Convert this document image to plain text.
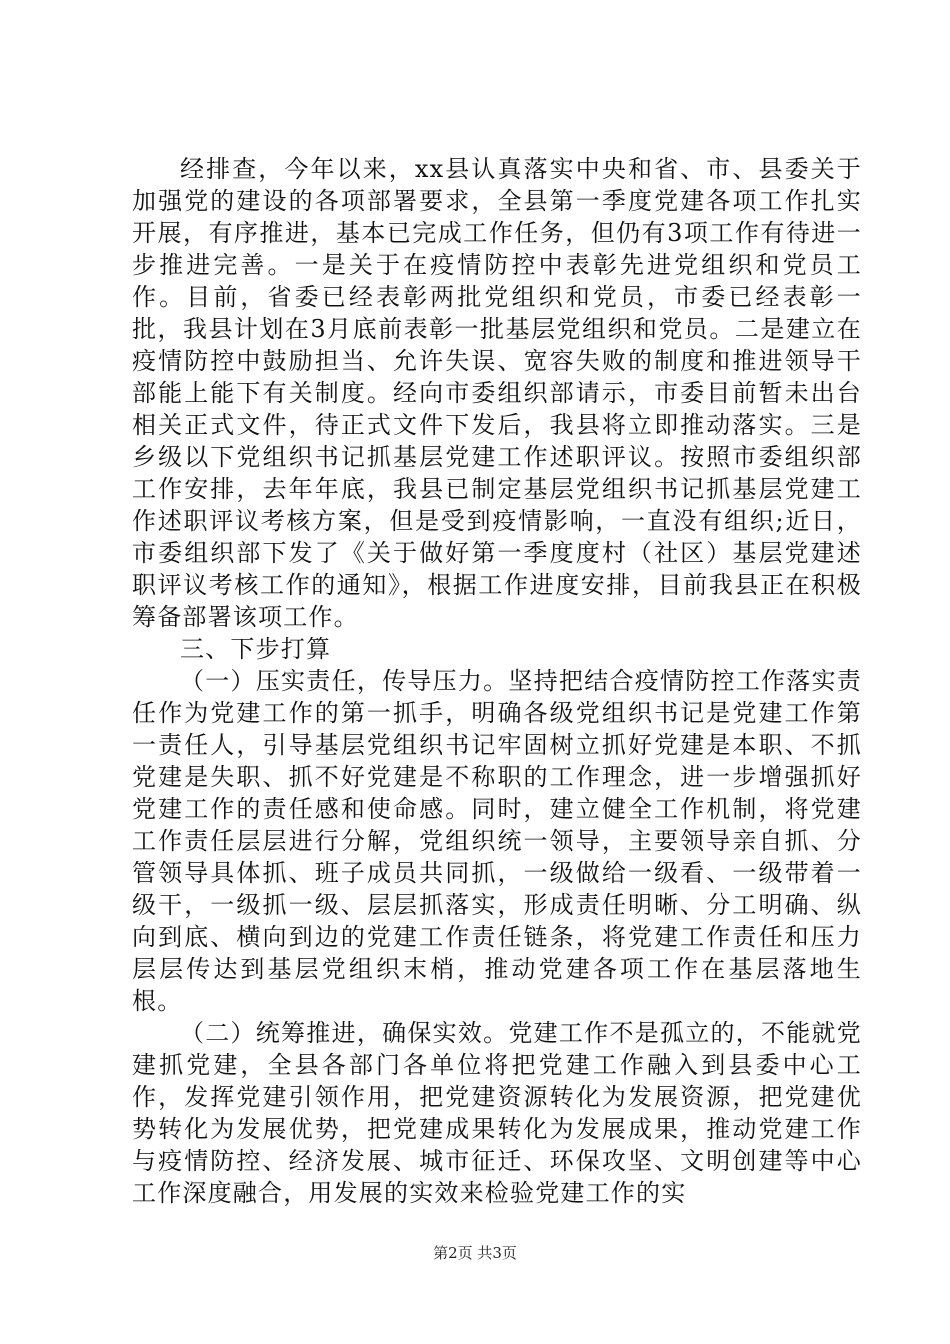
经排查，今年以来，xx县认真落实中央和省、市、县委关于加强党的建设的各项部署要求，全县第一季度党建各项工作扎实开展，有序推进，基本已完成工作任务，但仍有3项工作有待进一步推进完善。一是关于在疫情防控中表彰先进党组织和党员工作。目前，省委已经表彰两批党组织和党员，市委已经表彰一批，我县计划在3月底前表彰一批基层党组织和党员。二是建立在疫情防控中鼓励担当、允许失误、宽容失败的制度和推进领导干部能上能下有关制度。经向市委组织部请示，市委目前暂未出台相关正式文件，待正式文件下发后，我县将立即推动落实。三是乡级以下党组织书记抓基层党建工作述职评议。按照市委组织部工作安排，去年年底，我县已制定基层党组织书记抓基层党建工作述职评议考核方案，但是受到疫情影响，一直没有组织;近日，市委组织部下发了《关于做好第一季度度村（社区）基层党建述职评议考核工作的通知》，根据工作进度安排，目前我县正在积极筹备部署该项工作。

三、下步打算

（一）压实责任，传导压力。坚持把结合疫情防控工作落实责任作为党建工作的第一抓手，明确各级党组织书记是党建工作第一责任人，引导基层党组织书记牢固树立抓好党建是本职、不抓党建是失职、抓不好党建是不称职的工作理念，进一步增强抓好党建工作的责任感和使命感。同时，建立健全工作机制，将党建工作责任层层进行分解，党组织统一领导，主要领导亲自抓、分管领导具体抓、班子成员共同抓，一级做给一级看、一级带着一级干，一级抓一级、层层抓落实，形成责任明晰、分工明确、纵向到底、横向到边的党建工作责任链条，将党建工作责任和压力层层传达到基层党组织末梢，推动党建各项工作在基层落地生根。

（二）统筹推进，确保实效。党建工作不是孤立的，不能就党建抓党建，全县各部门各单位将把党建工作融入到县委中心工作，发挥党建引领作用，把党建资源转化为发展资源，把党建优势转化为发展优势，把党建成果转化为发展成果，推动党建工作与疫情防控、经济发展、城市征迁、环保攻坚、文明创建等中心工作深度融合，用发展的实效来检验党建工作的实

第2页 共3页
